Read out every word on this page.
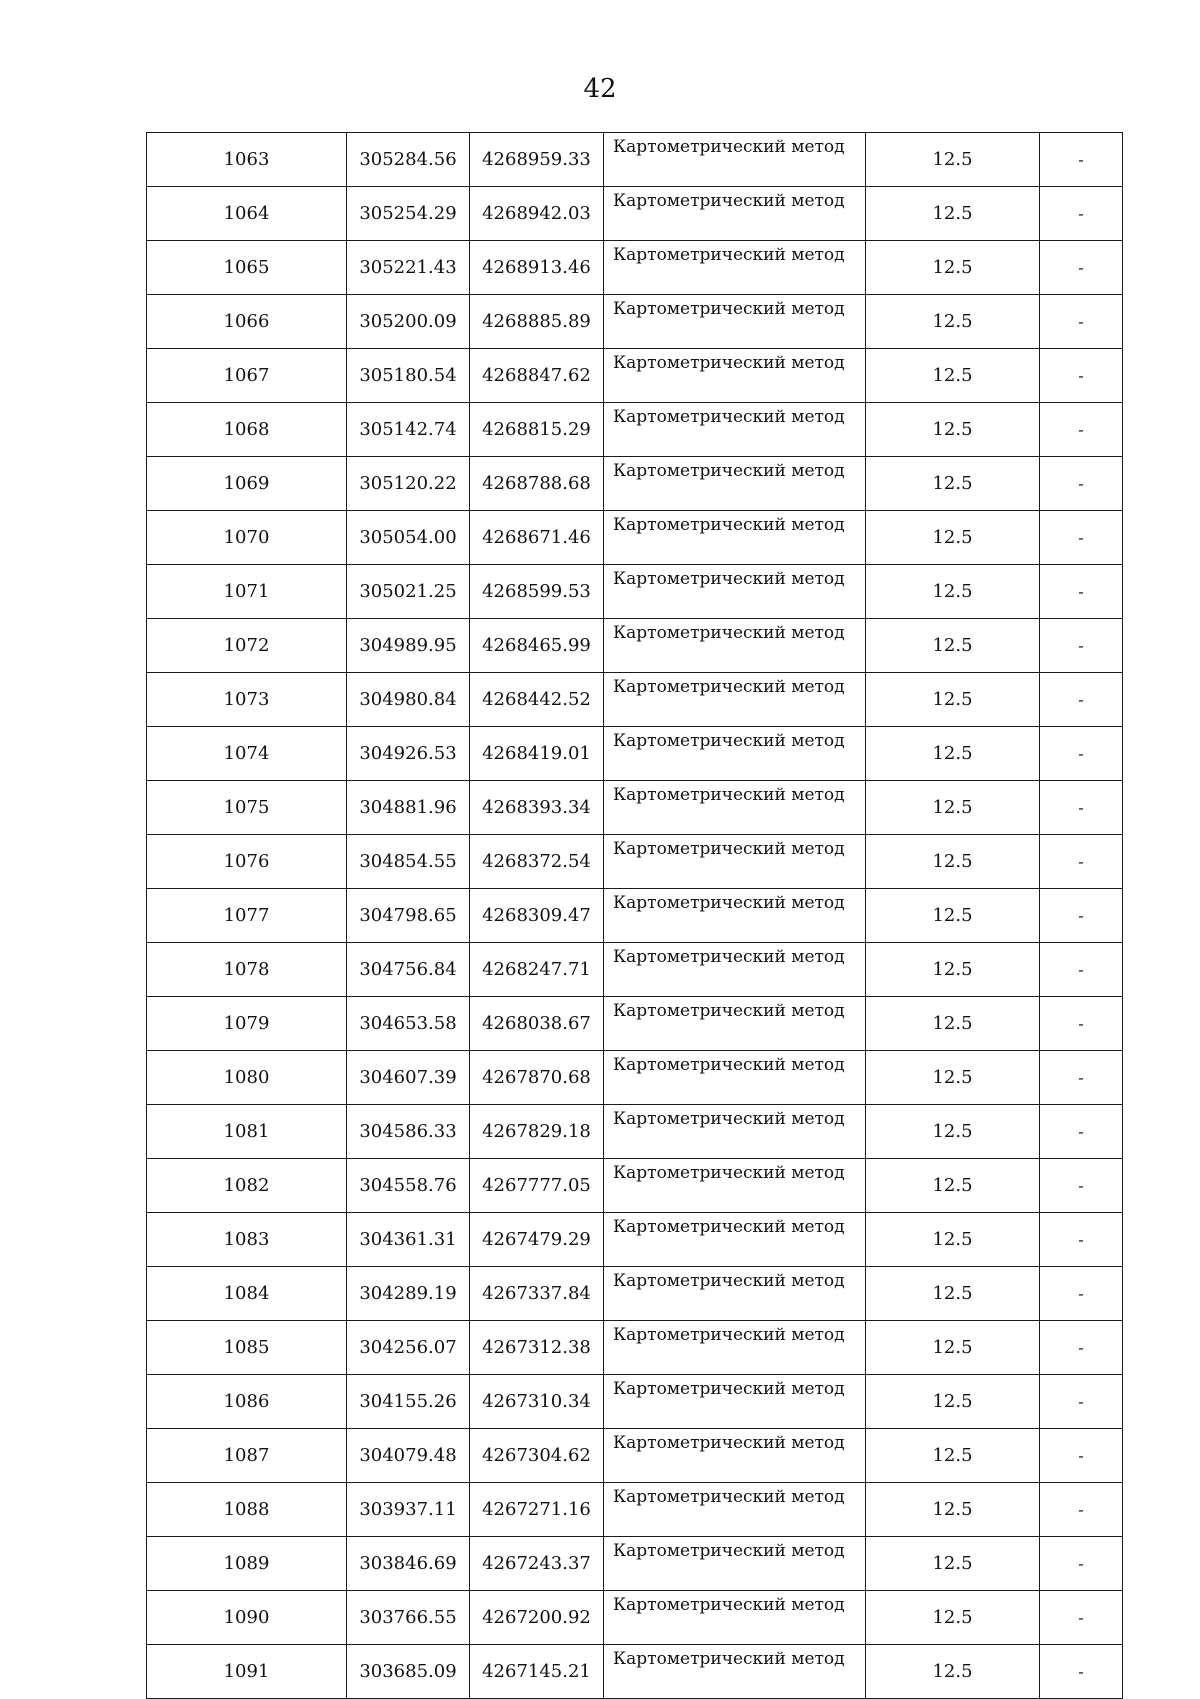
42
1063	305284.56	4268959.33	Картометрический метод	12.5	-
1064	305254.29	4268942.03	Картометрический метод	12.5	-
1065	305221.43	4268913.46	Картометрический метод	12.5	-
1066	305200.09	4268885.89	Картометрический метод	12.5	-
1067	305180.54	4268847.62	Картометрический метод	12.5	-
1068	305142.74	4268815.29	Картометрический метод	12.5	-
1069	305120.22	4268788.68	Картометрический метод	12.5	-
1070	305054.00	4268671.46	Картометрический метод	12.5	-
1071	305021.25	4268599.53	Картометрический метод	12.5	-
1072	304989.95	4268465.99	Картометрический метод	12.5	-
1073	304980.84	4268442.52	Картометрический метод	12.5	-
1074	304926.53	4268419.01	Картометрический метод	12.5	-
1075	304881.96	4268393.34	Картометрический метод	12.5	-
1076	304854.55	4268372.54	Картометрический метод	12.5	-
1077	304798.65	4268309.47	Картометрический метод	12.5	-
1078	304756.84	4268247.71	Картометрический метод	12.5	-
1079	304653.58	4268038.67	Картометрический метод	12.5	-
1080	304607.39	4267870.68	Картометрический метод	12.5	-
1081	304586.33	4267829.18	Картометрический метод	12.5	-
1082	304558.76	4267777.05	Картометрический метод	12.5	-
1083	304361.31	4267479.29	Картометрический метод	12.5	-
1084	304289.19	4267337.84	Картометрический метод	12.5	-
1085	304256.07	4267312.38	Картометрический метод	12.5	-
1086	304155.26	4267310.34	Картометрический метод	12.5	-
1087	304079.48	4267304.62	Картометрический метод	12.5	-
1088	303937.11	4267271.16	Картометрический метод	12.5	-
1089	303846.69	4267243.37	Картометрический метод	12.5	-
1090	303766.55	4267200.92	Картометрический метод	12.5	-
1091	303685.09	4267145.21	Картометрический метод	12.5	-
